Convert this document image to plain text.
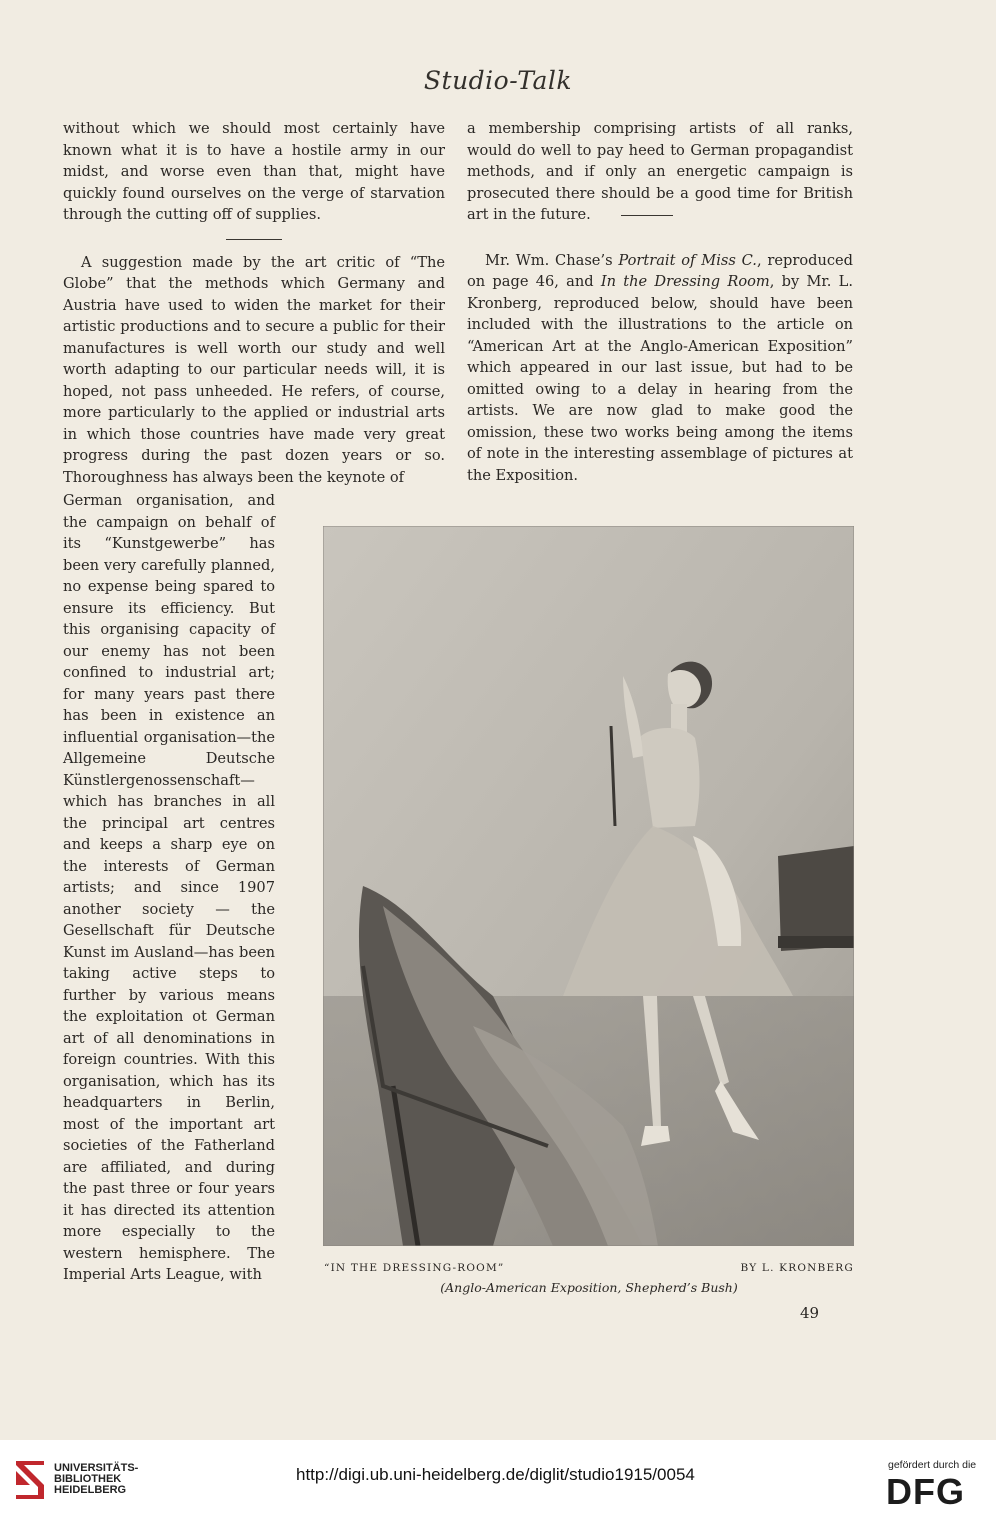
Studio-Talk

without which we should most certainly have known what it is to have a hostile army in our midst, and worse even than that, might have quickly found ourselves on the verge of starvation through the cutting off of supplies.

A suggestion made by the art critic of “The Globe” that the methods which Germany and Austria have used to widen the market for their artistic productions and to secure a public for their manufactures is well worth our study and well worth adapting to our particular needs will, it is hoped, not pass unheeded. He refers, of course, more particularly to the applied or industrial arts in which those countries have made very great progress during the past dozen years or so. Thoroughness has always been the keynote of

German organisation, and the campaign on behalf of its “Kunstgewerbe” has been very carefully planned, no expense being spared to ensure its efficiency. But this organising capacity of our enemy has not been confined to industrial art; for many years past there has been in existence an influential organisation—the Allgemeine Deutsche Künstlergenossenschaft—which has branches in all the principal art centres and keeps a sharp eye on the interests of German artists; and since 1907 another society — the Gesellschaft für Deutsche Kunst im Ausland—has been taking active steps to further by various means the exploitation ot German art of all denominations in foreign countries. With this organisation, which has its headquarters in Berlin, most of the important art societies of the Fatherland are affiliated, and during the past three or four years it has directed its attention more especially to the western hemisphere. The Imperial Arts League, with

a membership comprising artists of all ranks, would do well to pay heed to German propagandist methods, and if only an energetic campaign is prosecuted there should be a good time for British art in the future.

Mr. Wm. Chase’s Portrait of Miss C., reproduced on page 46, and In the Dressing Room, by Mr. L. Kronberg, reproduced below, should have been included with the illustrations to the article on “American Art at the Anglo-American Exposition” which appeared in our last issue, but had to be omitted owing to a delay in hearing from the artists. We are now glad to make good the omission, these two works being among the items of note in the interesting assemblage of pictures at the Exposition.

“IN THE DRESSING-ROOM”	BY L. KRONBERG
(Anglo-American Exposition, Shepherd’s Bush)
49
UNIVERSITÄTS-
BIBLIOTHEK
HEIDELBERG
http://digi.ub.uni-heidelberg.de/diglit/studio1915/0054	gefördert durch die
DFG
